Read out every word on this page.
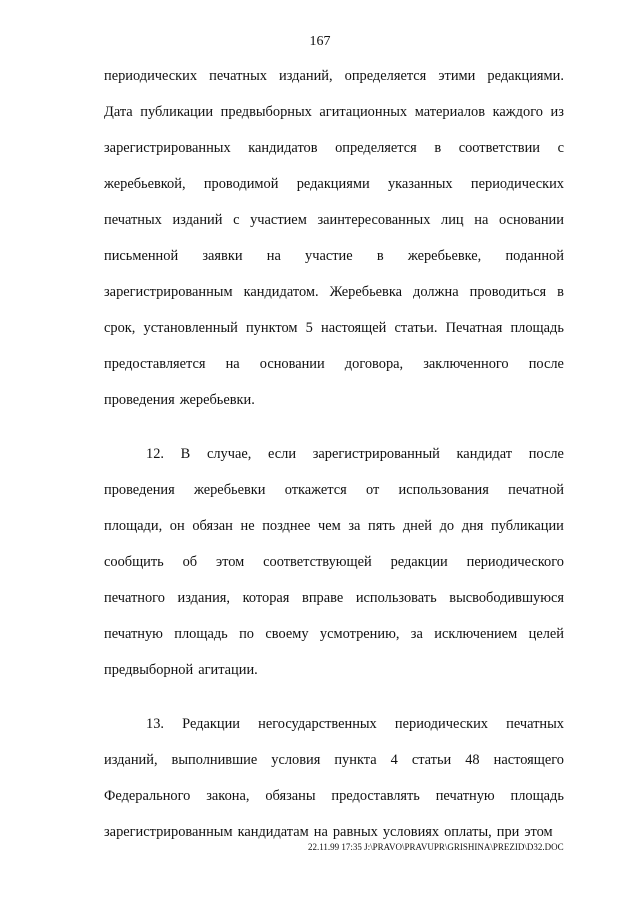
167
периодических печатных изданий, определяется этими редакциями.
Дата публикации предвыборных агитационных материалов каждого из
зарегистрированных кандидатов определяется в соответствии с
жеребьевкой, проводимой редакциями указанных периодических
печатных изданий с участием заинтересованных лиц на основании
письменной заявки на участие в жеребьевке, поданной
зарегистрированным кандидатом. Жеребьевка должна проводиться в
срок, установленный пунктом 5 настоящей статьи. Печатная площадь
предоставляется на основании договора, заключенного после
проведения жеребьевки.
12. В случае, если зарегистрированный кандидат после
проведения жеребьевки откажется от использования печатной
площади, он обязан не позднее чем за пять дней до дня публикации
сообщить об этом соответствующей редакции периодического
печатного издания, которая вправе использовать высвободившуюся
печатную площадь по своему усмотрению, за исключением целей
предвыборной агитации.
13. Редакции негосударственных периодических печатных
изданий, выполнившие условия пункта 4 статьи 48 настоящего
Федерального закона, обязаны предоставлять печатную площадь
зарегистрированным кандидатам на равных условиях оплаты, при этом
22.11.99 17:35 J:\PRAVO\PRAVUPR\GRISHINA\PREZID\D32.DOC
